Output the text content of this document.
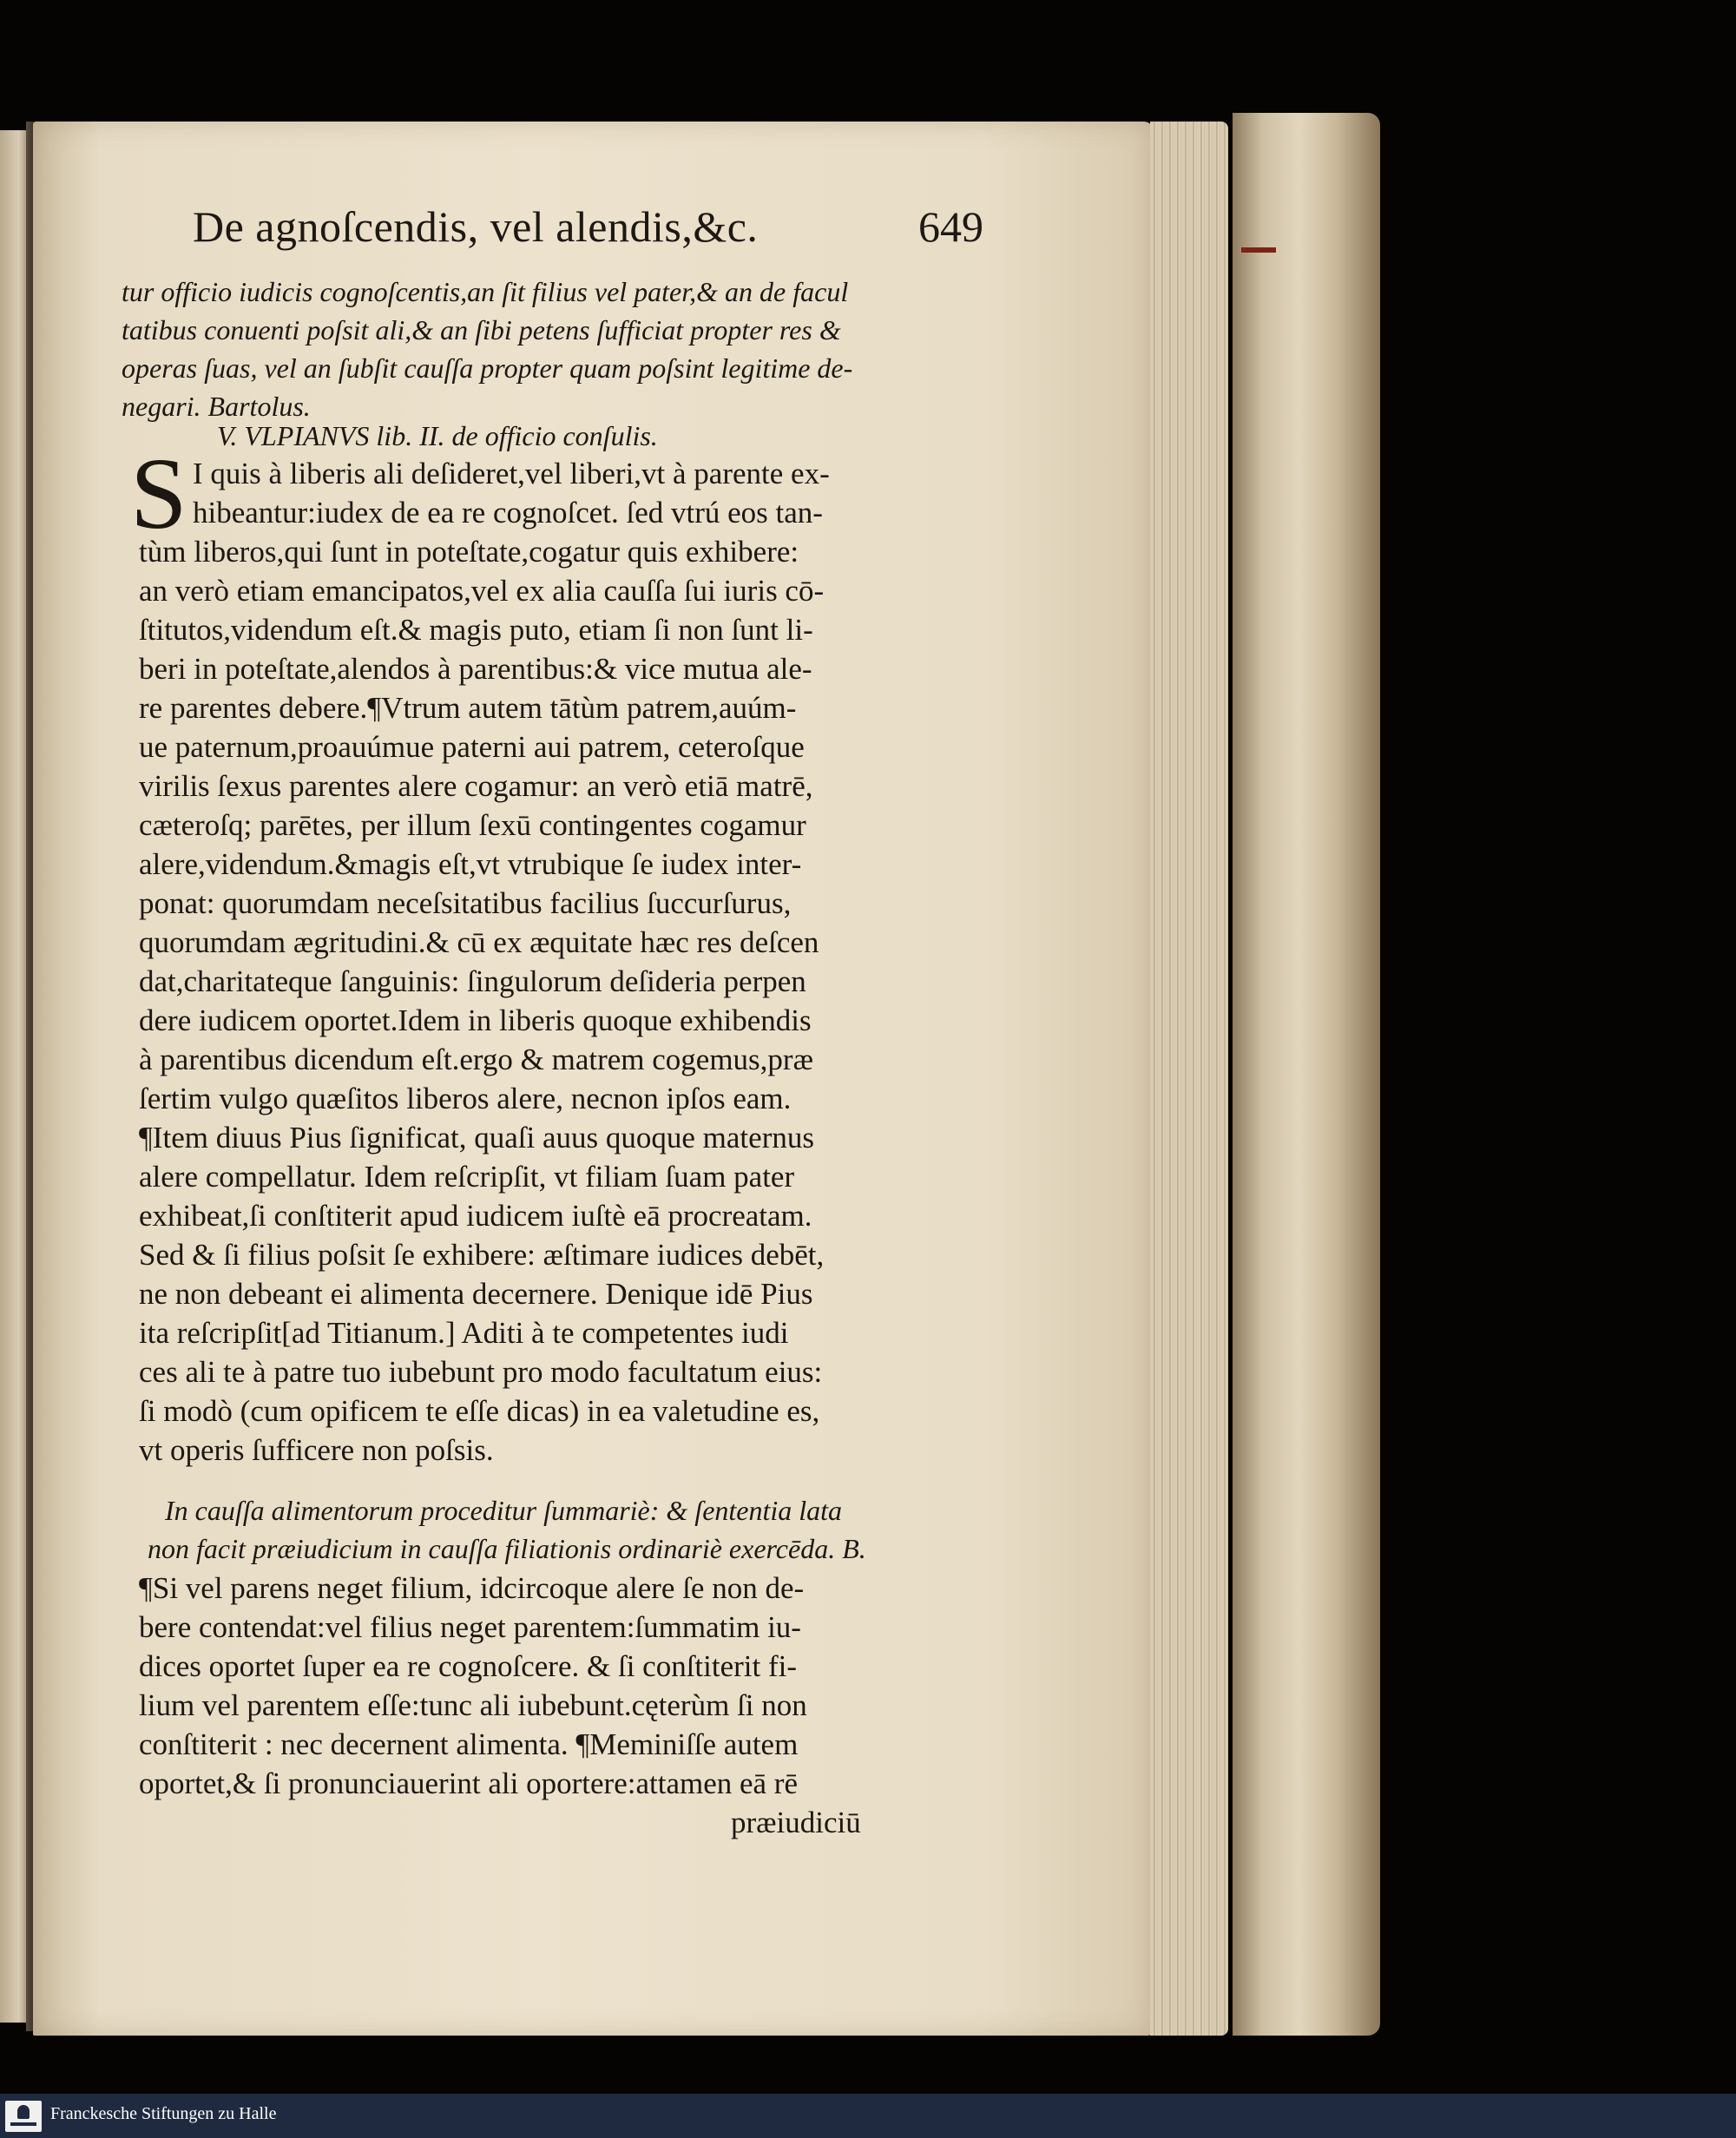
De agnoſcendis, vel alendis,&c.	649
tur officio iudicis cognoſcentis,an ſit filius vel pater,& an de facul
tatibus conuenti poſsit ali,& an ſibi petens ſufficiat propter res &
operas ſuas, vel an ſubſit cauſſa propter quam poſsint legitime de-
negari. Bartolus.
V. VLPIANVS lib. II. de officio conſulis.
S I quis à liberis ali deſideret,vel liberi,vt à parente ex-
hibeantur:iudex de ea re cognoſcet. ſed vtrú eos tan-
tùm liberos,qui ſunt in poteſtate,cogatur quis exhibere:
an verò etiam emancipatos,vel ex alia cauſſa ſui iuris cō-
ſtitutos,videndum eſt.& magis puto, etiam ſi non ſunt li-
beri in poteſtate,alendos à parentibus:& vice mutua ale-
re parentes debere.¶Vtrum autem tātùm patrem,auúm-
ue paternum,proauúmue paterni aui patrem, ceteroſque
virilis ſexus parentes alere cogamur: an verò etiā matrē,
cæteroſq; parētes, per illum ſexū contingentes cogamur
alere,videndum.&magis eſt,vt vtrubique ſe iudex inter-
ponat: quorumdam neceſsitatibus facilius ſuccurſurus,
quorumdam ægritudini.& cū ex æquitate hæc res deſcen
dat,charitateque ſanguinis: ſingulorum deſideria perpen
dere iudicem oportet.Idem in liberis quoque exhibendis
à parentibus dicendum eſt.ergo & matrem cogemus,præ
ſertim vulgo quæſitos liberos alere, necnon ipſos eam.
¶Item diuus Pius ſignificat, quaſi auus quoque maternus
alere compellatur. Idem reſcripſit, vt filiam ſuam pater
exhibeat,ſi conſtiterit apud iudicem iuſtè eā procreatam.
Sed & ſi filius poſsit ſe exhibere: æſtimare iudices debēt,
ne non debeant ei alimenta decernere. Denique idē Pius
ita reſcripſit[ad Titianum.] Aditi à te competentes iudi
ces ali te à patre tuo iubebunt pro modo facultatum eius:
ſi modò (cum opificem te eſſe dicas) in ea valetudine es,
vt operis ſufficere non poſsis.
In cauſſa alimentorum proceditur ſummariè: & ſententia lata
non facit præiudicium in cauſſa filiationis ordinariè exercēda. B.
¶Si vel parens neget filium, idcircoque alere ſe non de-
bere contendat:vel filius neget parentem:ſummatim iu-
dices oportet ſuper ea re cognoſcere. & ſi conſtiterit fi-
lium vel parentem eſſe:tunc ali iubebunt.cęterùm ſi non
conſtiterit : nec decernent alimenta. ¶Meminiſſe autem
oportet,& ſi pronunciauerint ali oportere:attamen eā rē
præiudiciū
Franckesche Stiftungen zu Halle
